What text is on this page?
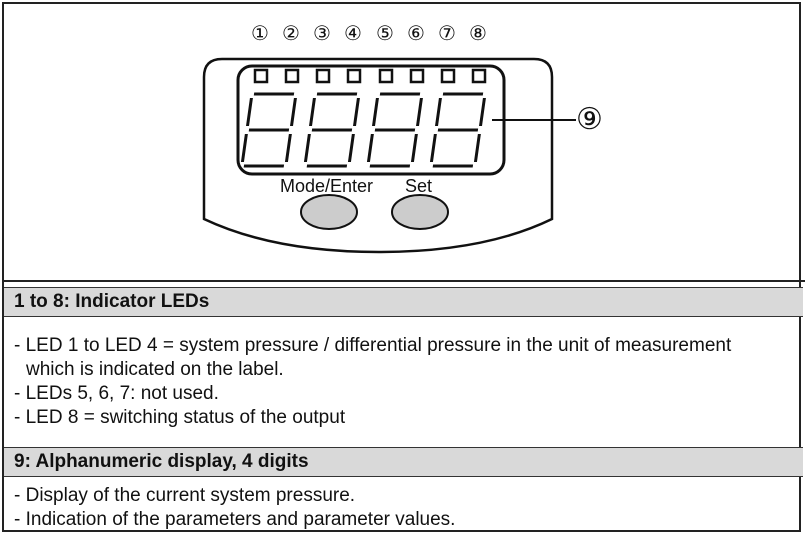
① ② ③ ④ ⑤ ⑥ ⑦ ⑧
⑨
Mode/Enter Set
1 to 8: Indicator LEDs
- LED 1 to LED 4 = system pressure / differential pressure in the unit of measurement
which is indicated on the label.
- LEDs 5, 6, 7: not used.
- LED 8 = switching status of the output
9: Alphanumeric display, 4 digits
- Display of the current system pressure.
- Indication of the parameters and parameter values.
